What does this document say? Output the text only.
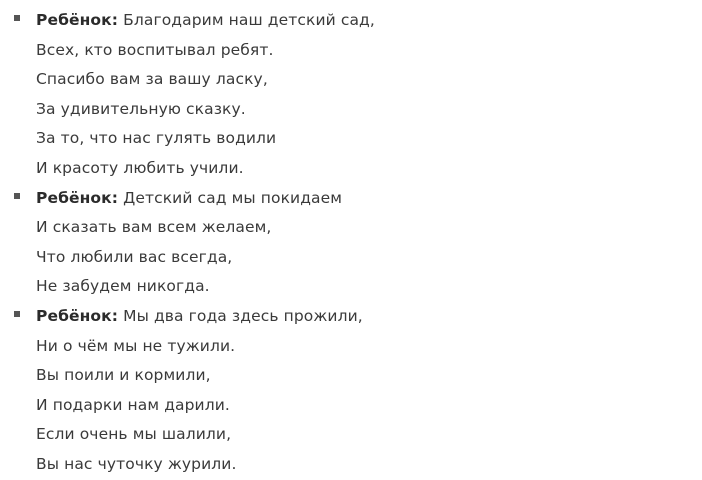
Ребёнок: Благодарим наш детский сад,
Всех, кто воспитывал ребят.
Спасибо вам за вашу ласку,
За удивительную сказку.
За то, что нас гулять водили
И красоту любить учили.
Ребёнок: Детский сад мы покидаем
И сказать вам всем желаем,
Что любили вас всегда,
Не забудем никогда.
Ребёнок: Мы два года здесь прожили,
Ни о чём мы не тужили.
Вы поили и кормили,
И подарки нам дарили.
Если очень мы шалили,
Вы нас чуточку журили.
